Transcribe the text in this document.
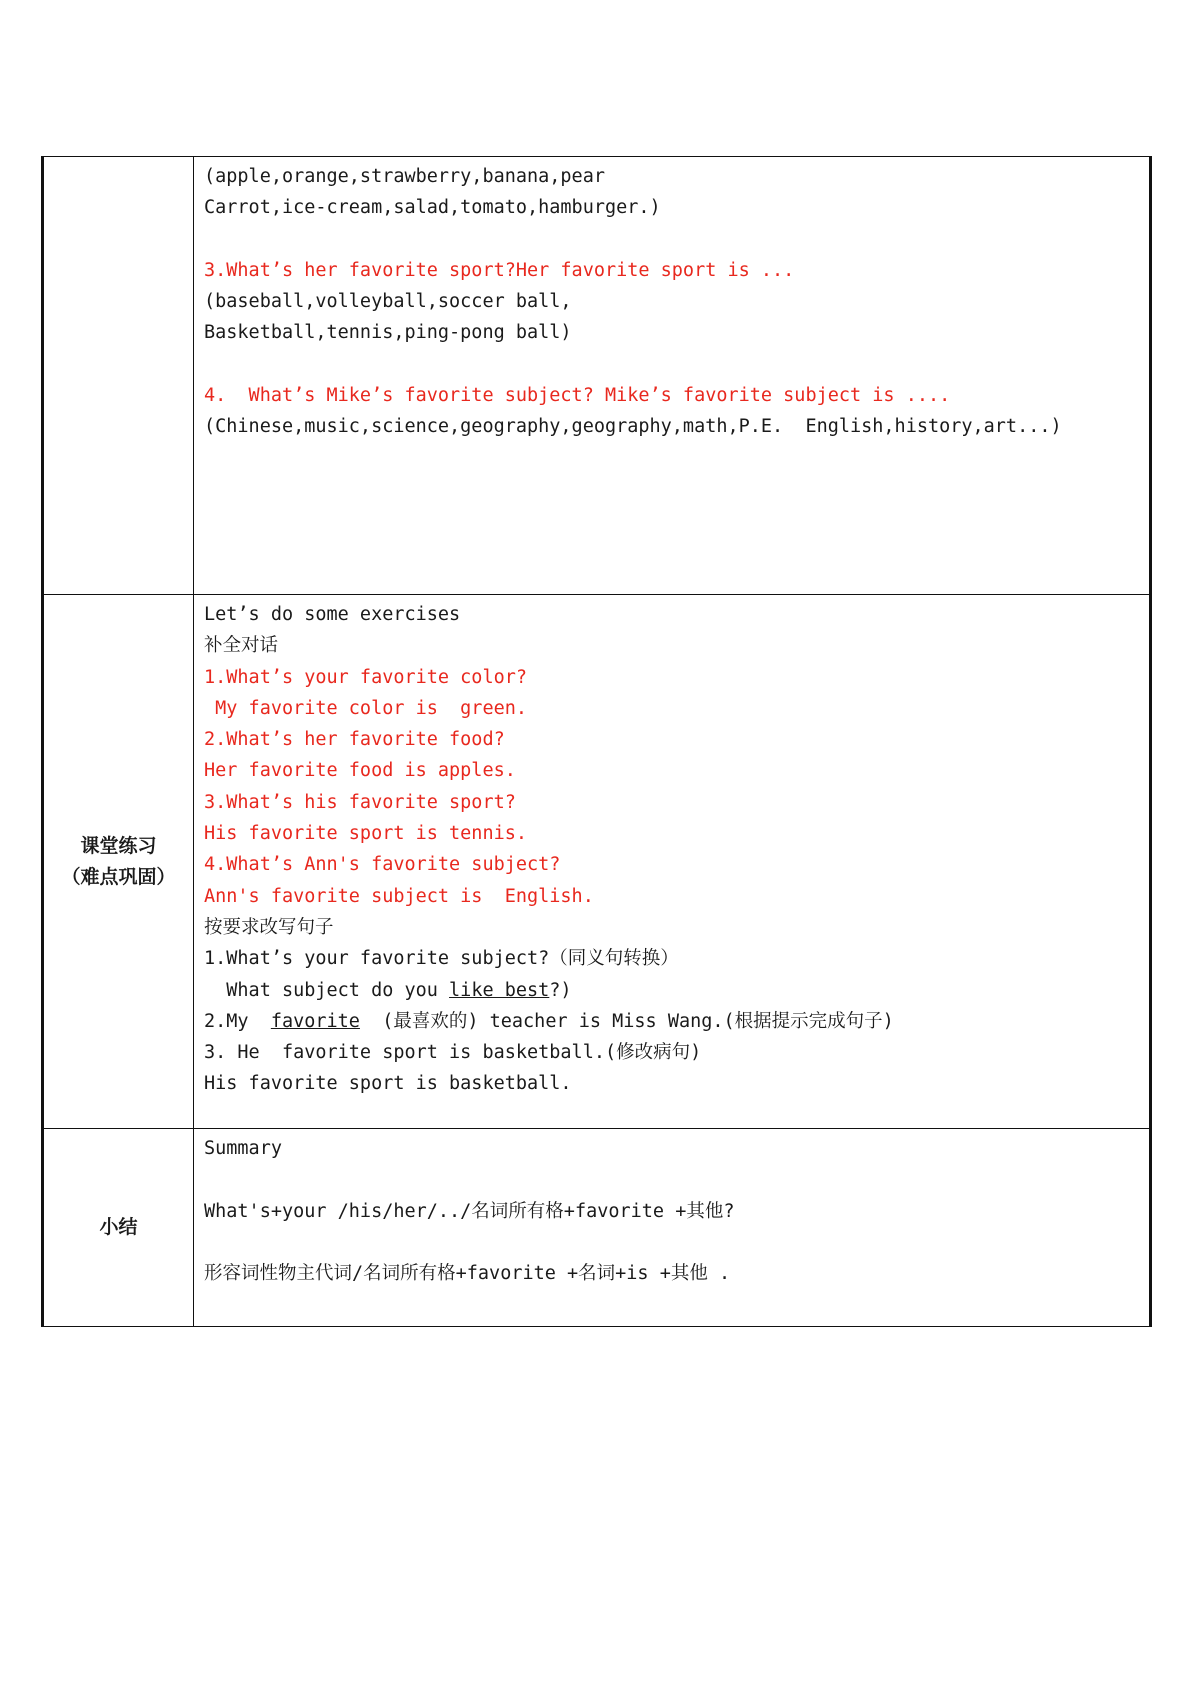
(apple,orange,strawberry,banana,pear
Carrot,ice-cream,salad,tomato,hamburger.)
3.What’s her favorite sport?Her favorite sport is ...
(baseball,volleyball,soccer ball,
Basketball,tennis,ping-pong ball)
4.  What’s Mike’s favorite subject? Mike’s favorite subject is ....
(Chinese,music,science,geography,geography,math,P.E.  English,history,art...)
课堂练习
（难点巩固）
Let’s do some exercises
补全对话
1.What’s your favorite color?
My favorite color is  green.
2.What’s her favorite food?
Her favorite food is apples.
3.What’s his favorite sport?
His favorite sport is tennis.
4.What’s Ann's favorite subject?
Ann's favorite subject is  English.
按要求改写句子
1.What’s your favorite subject?（同义句转换）
What subject do you like best?)
2.My  favorite  (最喜欢的) teacher is Miss Wang.(根据提示完成句子)
3. He  favorite sport is basketball.(修改病句)
His favorite sport is basketball.
小结
Summary
What's+your /his/her/../名词所有格+favorite +其他?
形容词性物主代词/名词所有格+favorite +名词+is +其他 .
